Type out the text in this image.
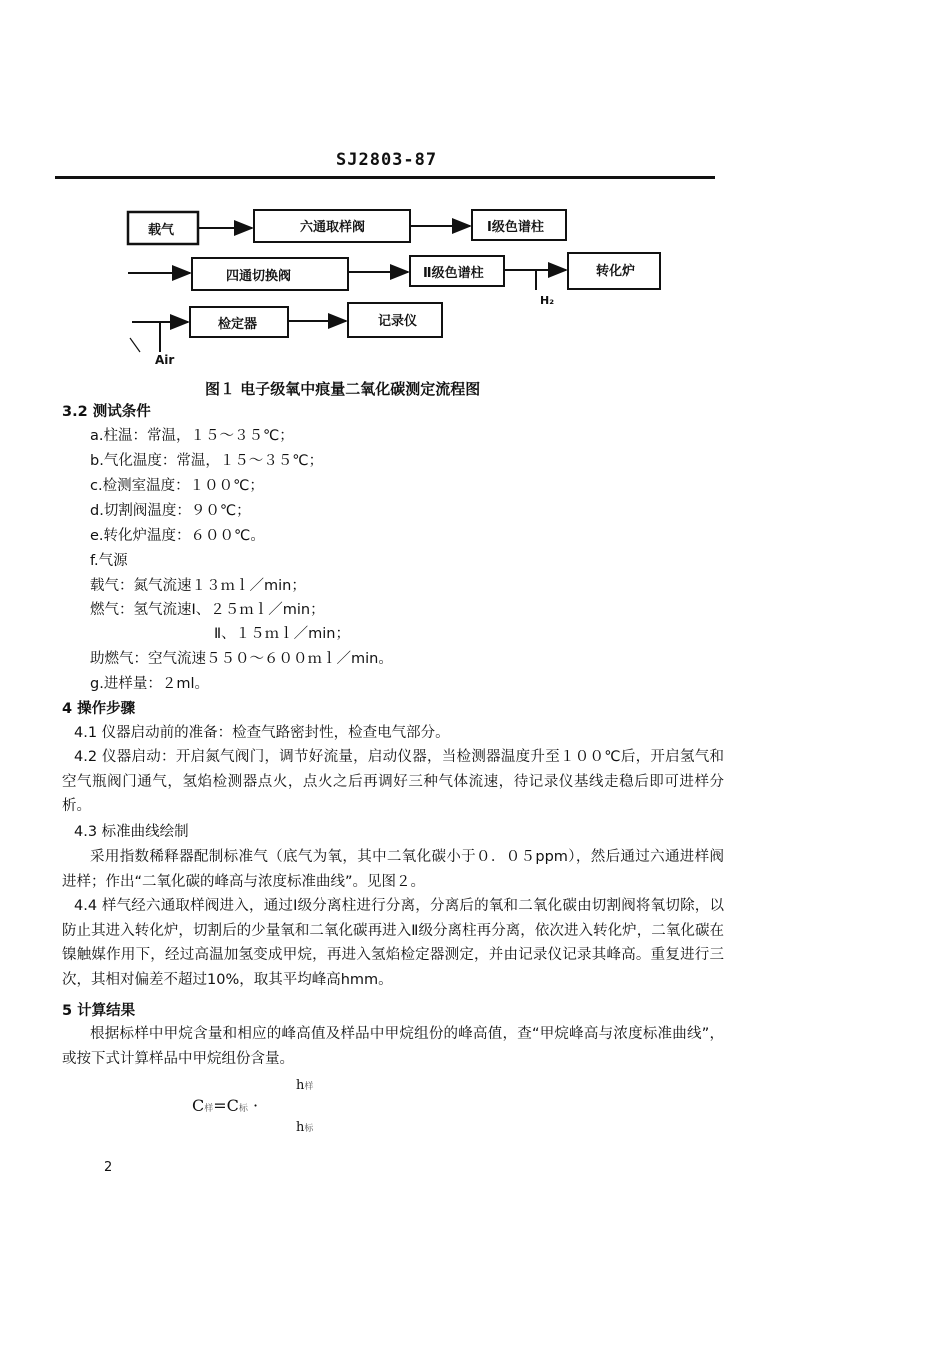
SJ2803-87
载气	六通取样阀	Ⅰ级色谱柱
四通切换阀	Ⅱ级色谱柱
H₂
转化炉
Air
检定器	记录仪
图１ 电子级氧中痕量二氧化碳测定流程图
3.2 测试条件
a.柱温：常温，１５～３５℃；
b.气化温度：常温，１５～３５℃；
c.检测室温度：１００℃；
d.切割阀温度：９０℃；
e.转化炉温度：６００℃。
f.气源
载气：氮气流速１３ｍｌ／min；
燃气：氢气流速Ⅰ、２５ｍｌ／min；
Ⅱ、１５ｍｌ／min；
助燃气：空气流速５５０～６００ｍｌ／min。
g.进样量：２ml。
4 操作步骤
4.1 仪器启动前的准备：检查气路密封性，检查电气部分。
4.2 仪器启动：开启氮气阀门，调节好流量，启动仪器，当检测器温度升至１００℃后，开启氢气和空气瓶阀门通气，氢焰检测器点火，点火之后再调好三种气体流速，待记录仪基线走稳后即可进样分析。
4.3 标准曲线绘制
采用指数稀释器配制标准气（底气为氧，其中二氧化碳小于０．０５ppm），然后通过六通进样阀进样；作出“二氧化碳的峰高与浓度标准曲线”。见图２。
4.4 样气经六通取样阀进入，通过Ⅰ级分离柱进行分离，分离后的氧和二氧化碳由切割阀将氧切除，以防止其进入转化炉，切割后的少量氧和二氧化碳再进入Ⅱ级分离柱再分离，依次进入转化炉，二氧化碳在镍触媒作用下，经过高温加氢变成甲烷，再进入氢焰检定器测定，并由记录仪记录其峰高。重复进行三次，其相对偏差不超过10%，取其平均峰高hmm。
5 计算结果
根据标样中甲烷含量和相应的峰高值及样品中甲烷组份的峰高值，查“甲烷峰高与浓度标准曲线”，或按下式计算样品中甲烷组份含量。
C样=C标 ·
h样
h标
2
